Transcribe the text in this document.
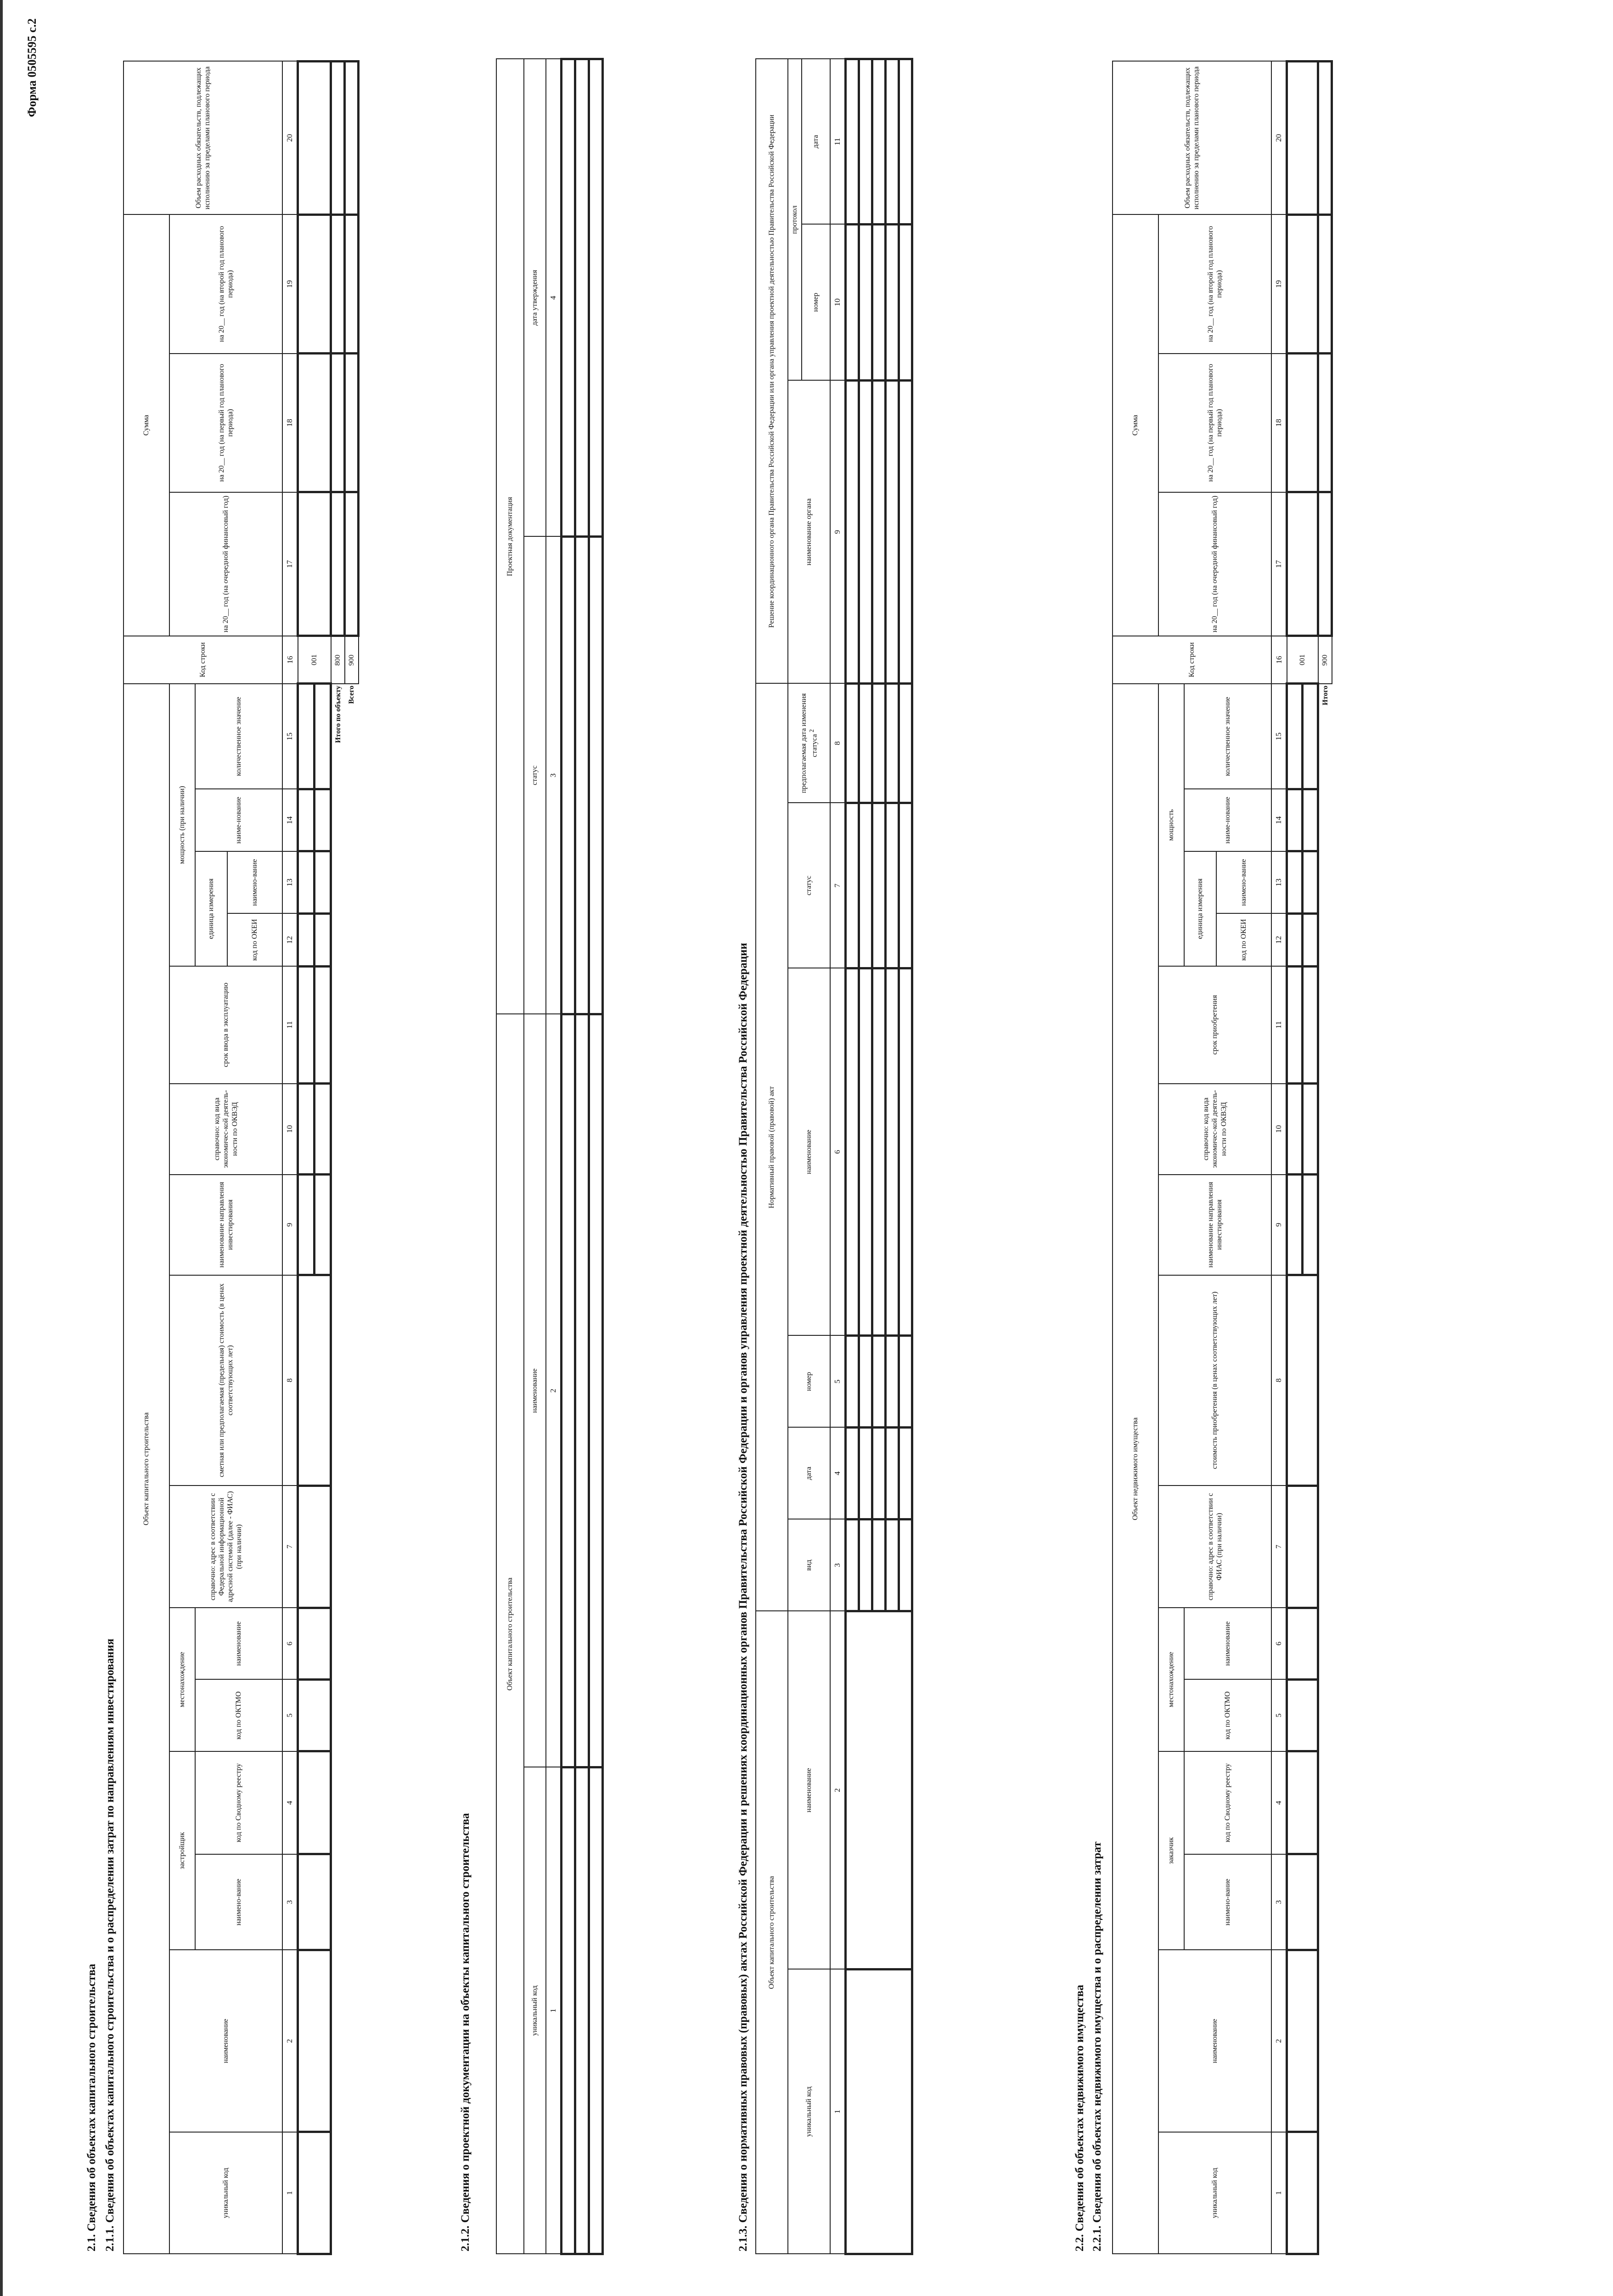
Форма 0505595 с.2
2.1. Сведения об объектах капитального строительства 2.1.1. Сведения об объектах капитального строительства и о распределении затрат по направлениям инвестирования
Объект капитального строительства															Код строки	Сумма			Объем расходных обязательств, подлежащих исполнению за пределами планового периода
уникальный код	наименование	застройщик		местонахождение		справочно: адрес в соответствии с Федеральной информационной адресной системой (далее - ФИАС) (при наличии)	сметная или предполагаемая (предельная) стоимость (в ценах соответствующих лет)	наименование направления инвестирования	справочно: код вида экономичес-кой деятель-ности по ОКВЭД	срок ввода в эксплуатацию	мощность (при наличии)					на 20__ год (на очередной финансовый год)	на 20__ год (на первый год планового периода)	на 20__ год (на второй год планового периода)	
		наимено-вание	код по Сводному реестру	код по ОКТМО	наименование						единица измерения		наиме-нование	количественное значение					
											код по ОКЕИ	наимено-вание							
1	2	3	4	5	6	7	8	9	10	11	12	13	14	15	16	17	18	19	20
															001				

Итого по объекту															800				
Всего															900				
2.1.2. Сведения о проектной документации на объекты капитального строительства
Объект капитального строительства		Проектная документация	
уникальный код	наименование	статус	дата утверждения
1	2	3	4

2.1.3. Сведения о нормативных правовых (правовых) актах Российской Федерации и решениях координационных органов Правительства Российской Федерации и органов управления проектной деятельностью Правительства Российской Федерации	Объект капитального строительства		Нормативный правовой (правовой) акт						Решение координационного органа Правительства Российской Федерации или органа управления проектной деятельностью Правительства Российской Федерации		
уникальный код	наименование	вид	дата	номер	наименование	статус	предполагаемая дата изменения статуса $^2$	наименование органа	протокол	
									номер	дата
1	2	3	4	5	6	7	8	9	10	11

2.2. Сведения об объектах недвижимого имущества 2.2.1. Сведения об объектах недвижимого имущества и о распределении затрат
Объект недвижимого имущества															Код строки	Сумма			Объем расходных обязательств, подлежащих исполнению за пределами планового периода
уникальный код	наименование	заказчик		местонахождение		справочно: адрес в соответствии с ФИАС (при наличии)	стоимость приобретения (в ценах соответствующих лет)	наименование направления инвестирования	справочно: код вида экономичес-кой деятель-ности по ОКВЭД	срок приобретения	мощность					на 20__ год (на очередной финансовый год)	на 20__ год (на первый год планового периода)	на 20__ год (на второй год планового периода)	
		наимено-вание	код по Сводному реестру	код по ОКТМО	наименование						единица измерения		наиме-нование	количественное значение					
											код по ОКЕИ	наимено-вание							
1	2	3	4	5	6	7	8	9	10	11	12	13	14	15	16	17	18	19	20
															001				

Итого															900				
